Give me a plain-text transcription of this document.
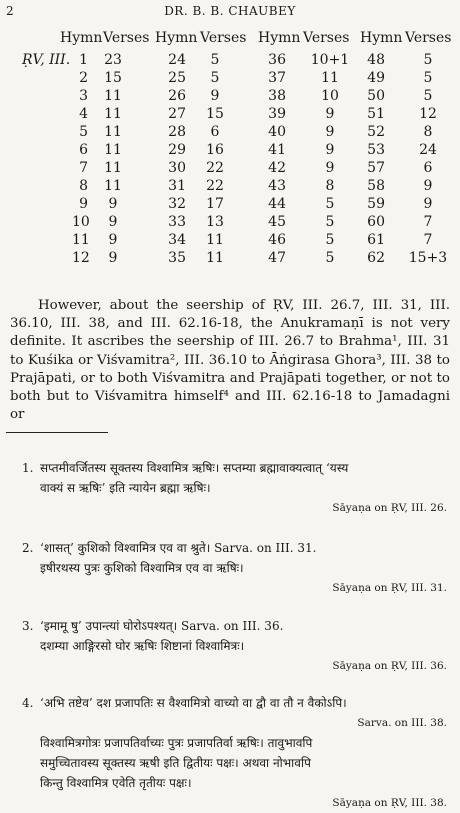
2	DR. B. B. CHAUBEY
Hymn Verses Hymn Verses Hymn Verses Hymn Verses
ṚV, III. 1	23	24	5	36	10+1	48	5
2	15	25	5	37	11	49	5
3	11	26	9	38	10	50	5
4	11	27	15	39	9	51	12
5	11	28	6	40	9	52	8
6	11	29	16	41	9	53	24
7	11	30	22	42	9	57	6
8	11	31	22	43	8	58	9
9	9	32	17	44	5	59	9
10	9	33	13	45	5	60	7
11	9	34	11	46	5	61	7
12	9	35	11	47	5	62	15+3

However, about the seership of ṚV, III. 26.7, III. 31, III. 36.10, III. 38, and III. 62.16-18, the Anukramaṇī is not very definite. It ascribes the seership of III. 26.7 to Brahma¹, III. 31 to Kuśika or Viśvamitra², III. 36.10 to Āṅgirasa Ghora³, III. 38 to Prajāpati, or to both Viśvamitra and Prajāpati together, or not to both but to Viśvamitra himself⁴ and III. 62.16-18 to Jamadagni or

1. सप्तमीवर्जितस्य सूक्तस्य विश्वामित्र ऋषिः। सप्तम्या ब्रह्मावाक्यत्वात् ‘यस्य
वाक्यं स ऋषिः’ इति न्यायेन ब्रह्मा ऋषिः।
Sāyaṇa on ṚV, III. 26.
2. ‘शासत्’ कुशिको विश्वामित्र एव वा श्रुते। Sarva. on III. 31.
इषीरथस्य पुत्रः कुशिको विश्वामित्र एव वा ऋषिः।
Sāyaṇa on ṚV, III. 31.
3. ‘इमामू षु’ उपान्त्यां घोरोऽपश्यत्। Sarva. on III. 36.
दशम्या आङ्गिरसो घोर ऋषिः शिष्टानां विश्वामित्रः।
Sāyaṇa on ṚV, III. 36.
4. ‘अभि तष्टेव’ दश प्रजापतिः स वैश्वामित्रो वाच्यो वा द्वौ वा तौ न वैकोऽपि।
Sarva. on III. 38.
विश्वामित्रगोत्रः प्रजापतिर्वाच्यः पुत्रः प्रजापतिर्वा ऋषिः। तावुभावपि
समुच्चितावस्य सूक्तस्य ऋषी इति द्वितीयः पक्षः। अथवा नोभावपि
किन्तु विश्वामित्र एवेति तृतीयः पक्षः।
Sāyaṇa on ṚV, III. 38.
